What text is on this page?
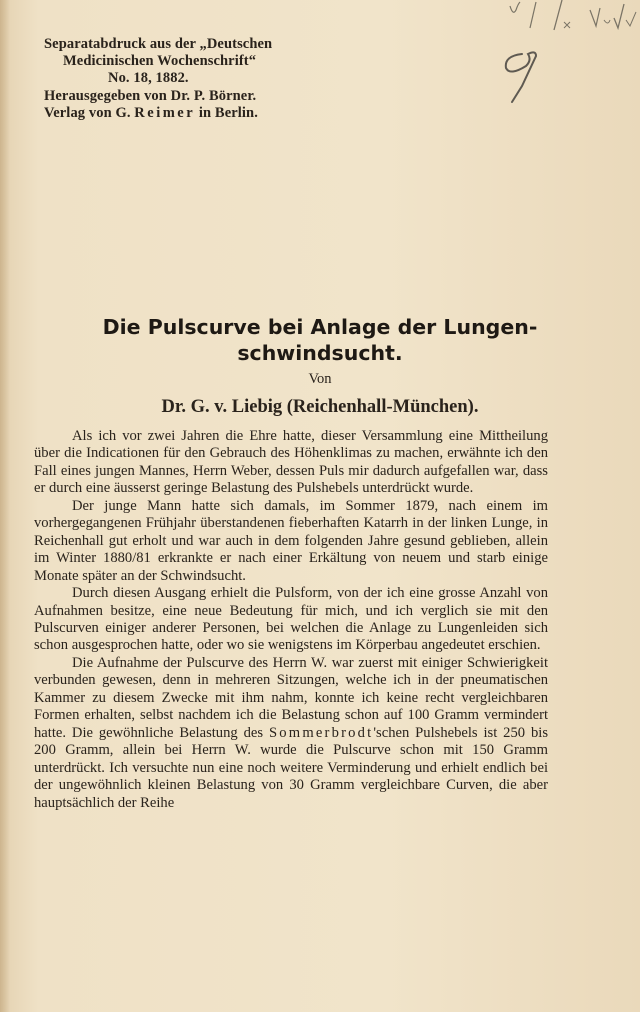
Separatabdruck aus der „Deutschen
Medicinischen Wochenschrift“
No. 18, 1882.
Herausgegeben von Dr. P. Börner.
Verlag von G. Reimer in Berlin.
Die Pulscurve bei Anlage der Lungen-
schwindsucht.
Von
Dr. G. v. Liebig (Reichenhall-München).

Als ich vor zwei Jahren die Ehre hatte, dieser Versammlung eine Mittheilung über die Indicationen für den Gebrauch des Höhenklimas zu machen, erwähnte ich den Fall eines jungen Mannes, Herrn Weber, dessen Puls mir dadurch aufgefallen war, dass er durch eine äusserst geringe Belastung des Pulshebels unterdrückt wurde.

Der junge Mann hatte sich damals, im Sommer 1879, nach einem im vorhergegangenen Frühjahr überstandenen fieberhaften Katarrh in der linken Lunge, in Reichenhall gut erholt und war auch in dem folgenden Jahre gesund geblieben, allein im Winter 1880/81 erkrankte er nach einer Erkältung von neuem und starb einige Monate später an der Schwindsucht.

Durch diesen Ausgang erhielt die Pulsform, von der ich eine grosse Anzahl von Aufnahmen besitze, eine neue Bedeutung für mich, und ich verglich sie mit den Pulscurven einiger anderer Personen, bei welchen die Anlage zu Lungenleiden sich schon ausgesprochen hatte, oder wo sie wenigstens im Körperbau angedeutet erschien.

Die Aufnahme der Pulscurve des Herrn W. war zuerst mit einiger Schwierigkeit verbunden gewesen, denn in mehreren Sitzungen, welche ich in der pneumatischen Kammer zu diesem Zwecke mit ihm nahm, konnte ich keine recht vergleichbaren Formen erhalten, selbst nachdem ich die Belastung schon auf 100 Gramm vermindert hatte. Die gewöhnliche Belastung des Sommerbrodt'schen Pulshebels ist 250 bis 200 Gramm, allein bei Herrn W. wurde die Pulscurve schon mit 150 Gramm unterdrückt. Ich versuchte nun eine noch weitere Verminderung und erhielt endlich bei der ungewöhnlich kleinen Belastung von 30 Gramm vergleichbare Curven, die aber hauptsächlich der Reihe
